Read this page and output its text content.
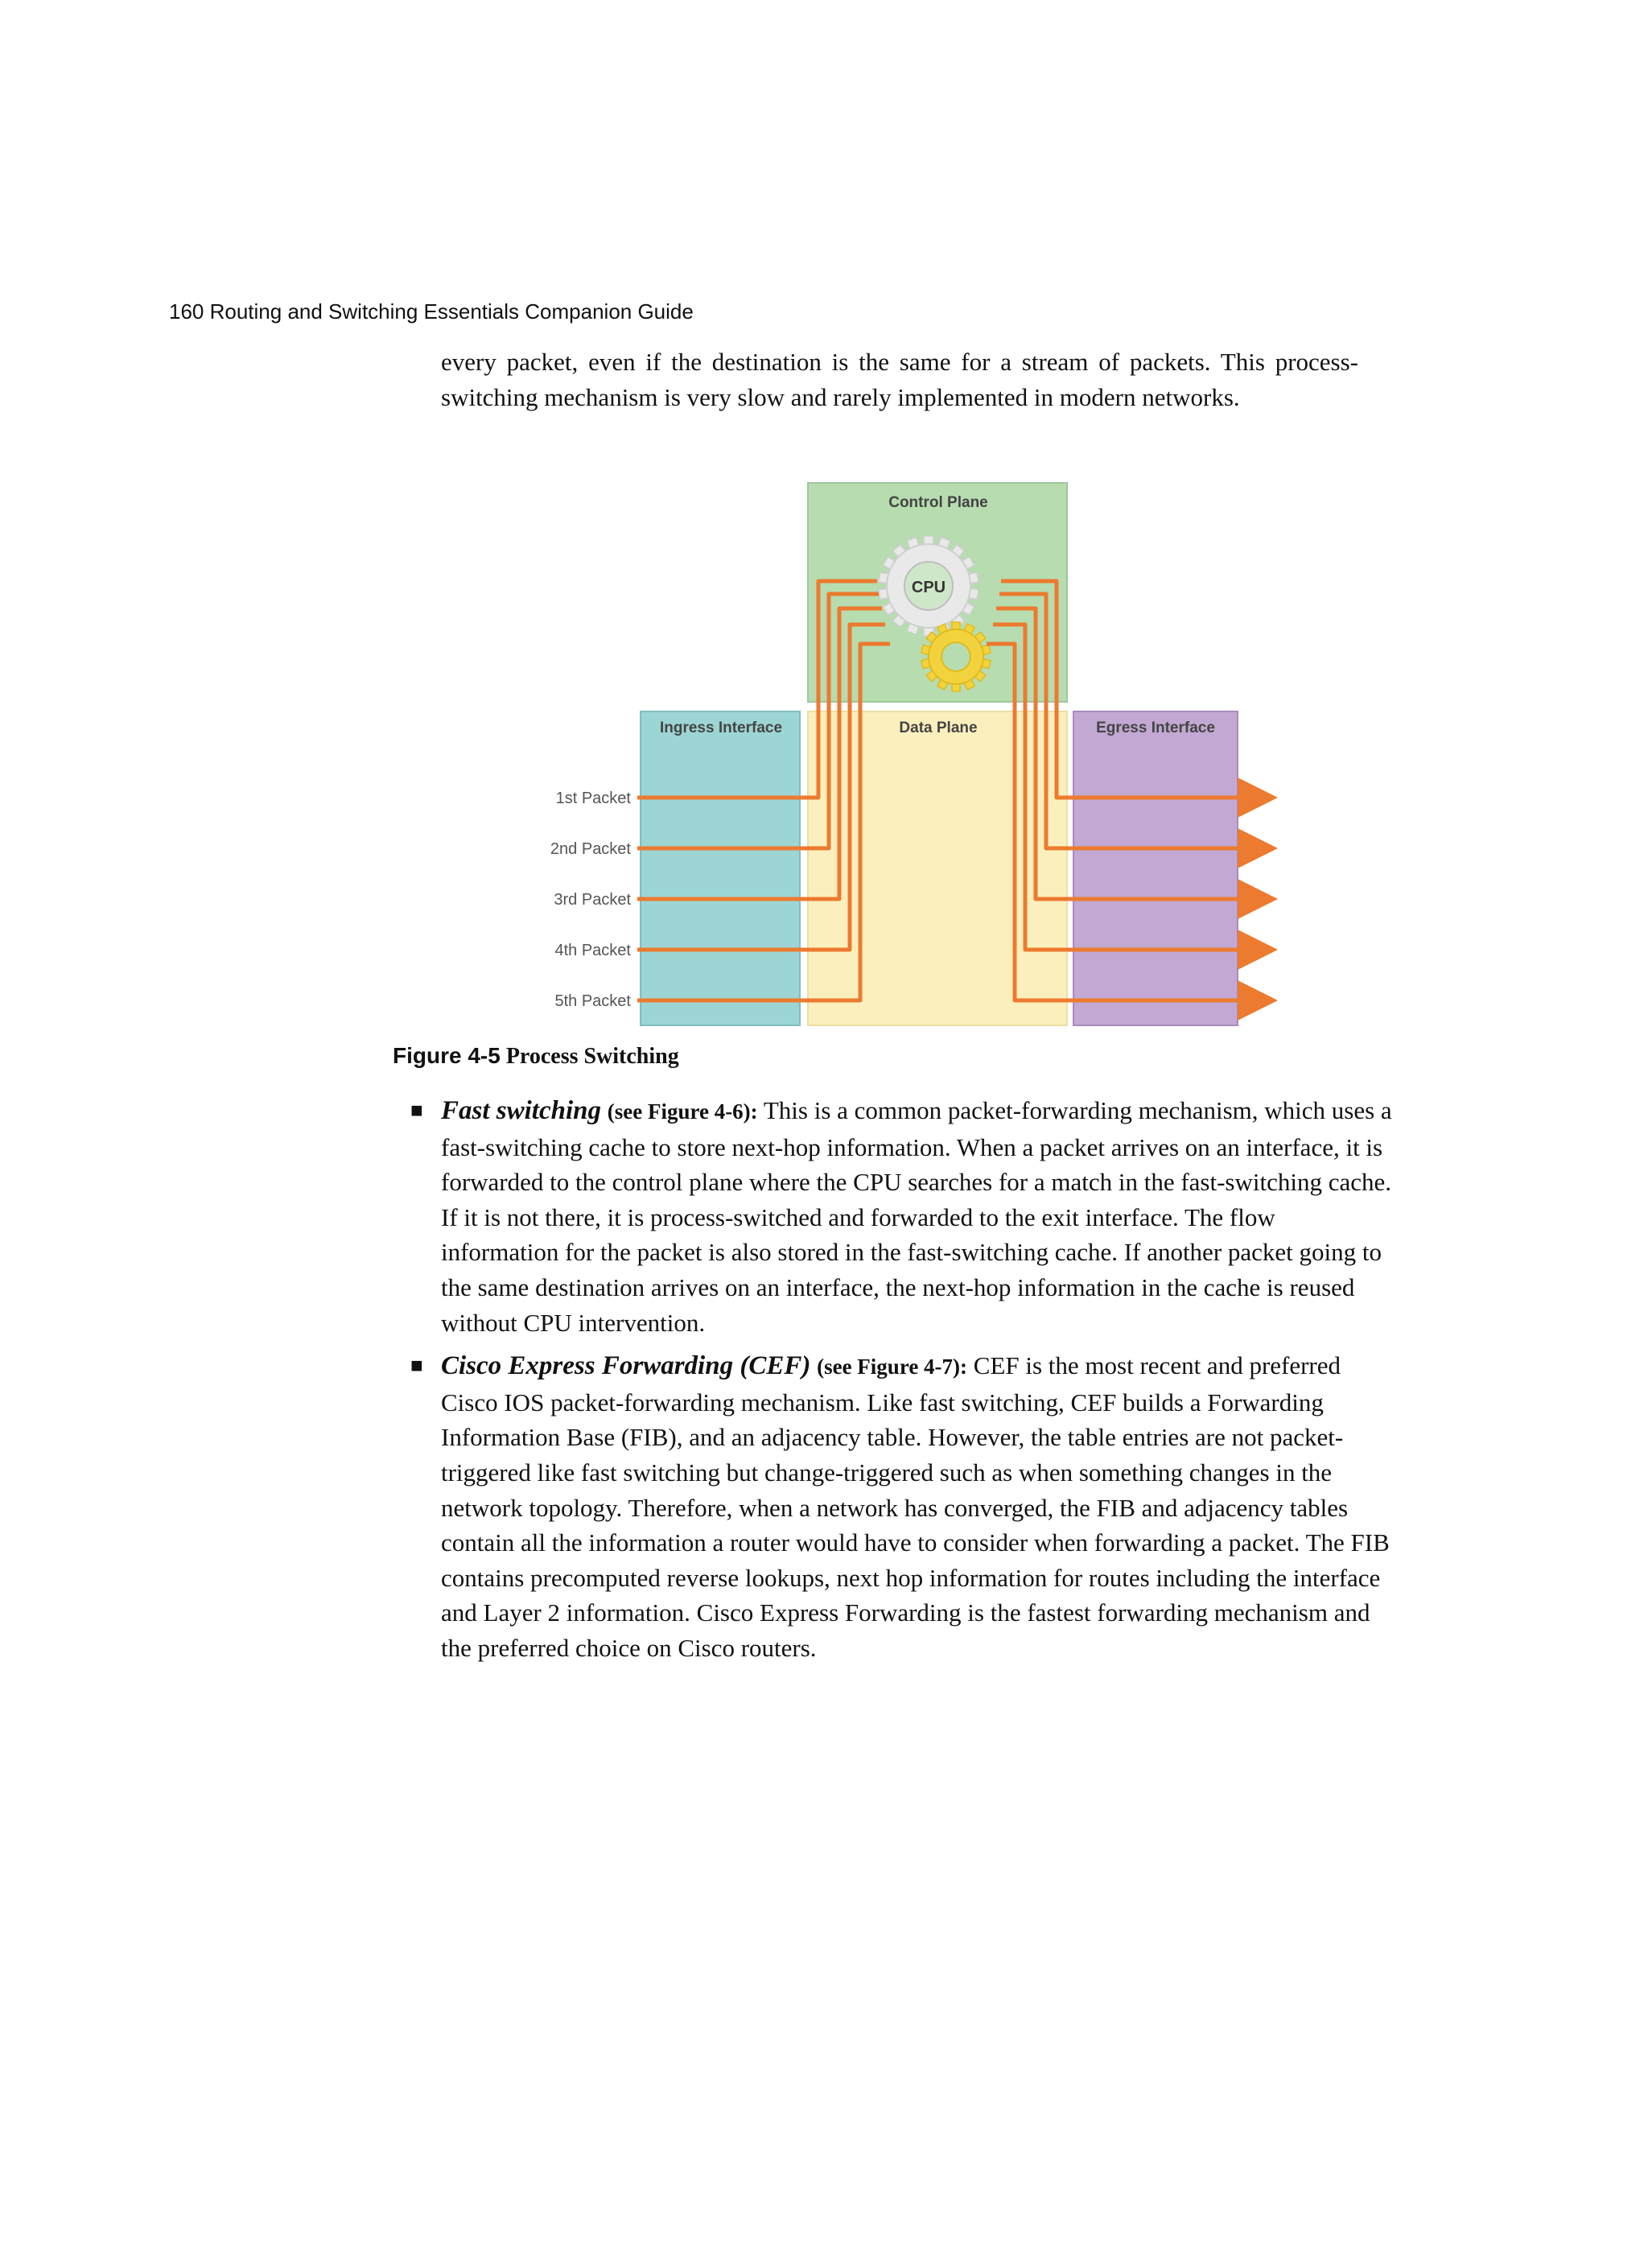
160 Routing and Switching Essentials Companion Guide

every packet, even if the destination is the same for a stream of packets. This process-switching mechanism is very slow and rarely implemented in modern networks.

Control Plane
Ingress Interface	Data Plane	Egress Interface
CPU
1st Packet
2nd Packet
3rd Packet
4th Packet
5th Packet
Figure 4-5 Process Switching
■ Fast switching (see Figure 4-6): This is a common packet-forwarding mechanism, which uses a fast-switching cache to store next-hop information. When a packet arrives on an interface, it is forwarded to the control plane where the CPU searches for a match in the fast-switching cache. If it is not there, it is process-switched and forwarded to the exit interface. The flow information for the packet is also stored in the fast-switching cache. If another packet going to the same destination arrives on an interface, the next-hop information in the cache is reused without CPU intervention.
■ Cisco Express Forwarding (CEF) (see Figure 4-7): CEF is the most recent and preferred Cisco IOS packet-forwarding mechanism. Like fast switching, CEF builds a Forwarding Information Base (FIB), and an adjacency table. However, the table entries are not packet-triggered like fast switching but change-triggered such as when something changes in the network topology. Therefore, when a network has converged, the FIB and adjacency tables contain all the information a router would have to consider when forwarding a packet. The FIB contains precomputed reverse lookups, next hop information for routes including the interface and Layer 2 information. Cisco Express Forwarding is the fastest forwarding mechanism and the preferred choice on Cisco routers.
